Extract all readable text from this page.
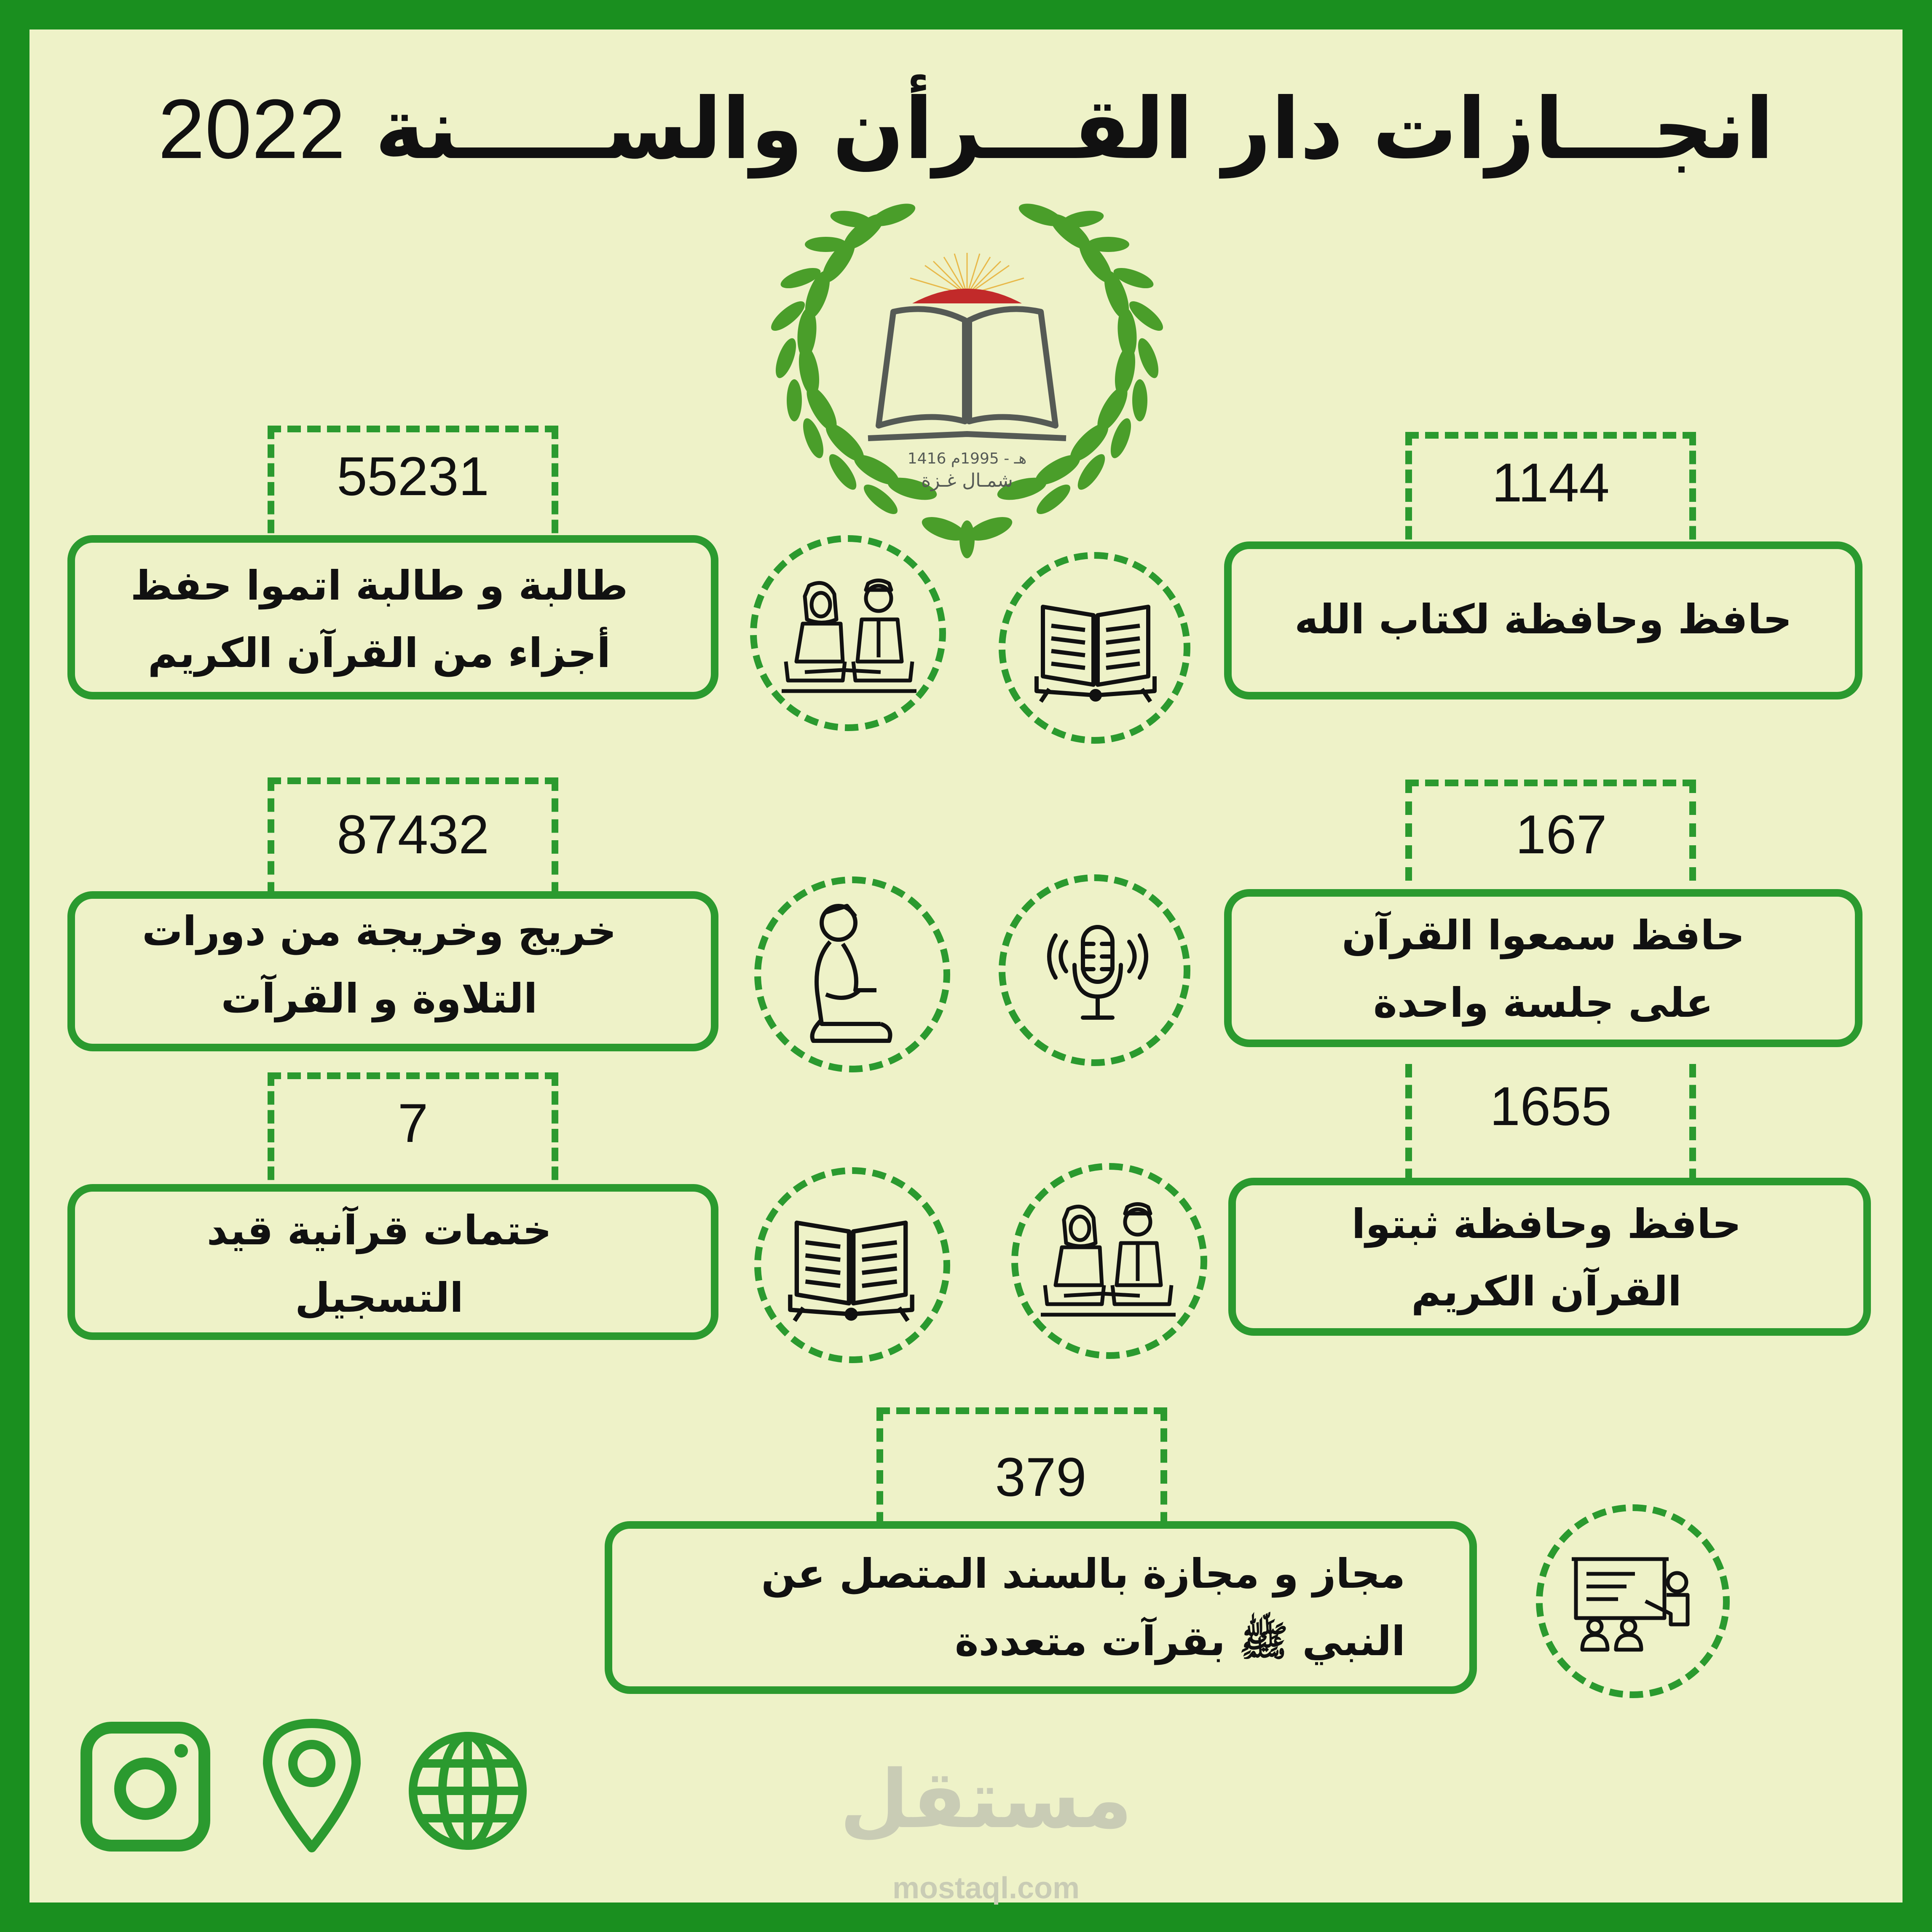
انجـــازات دار القـــرأن والســـــنة 2022
1416 هـ - 1995م
شمـال غـزة	1144
حافظ وحافظة لكتاب الله
55231
طالبة و طالبة اتموا حفظ
أجزاء من القرآن الكريم
167
حافظ سمعوا القرآن
على جلسة واحدة
87432
خريج وخريجة من دورات
التلاوة و القرآت
1655
حافظ وحافظة ثبتوا
القرآن الكريم
7
ختمات قرآنية قيد
التسجيل
379
مجاز و مجازة بالسند المتصل عن
النبي ﷺ بقرآت متعددة
مستقل
mostaql.com
